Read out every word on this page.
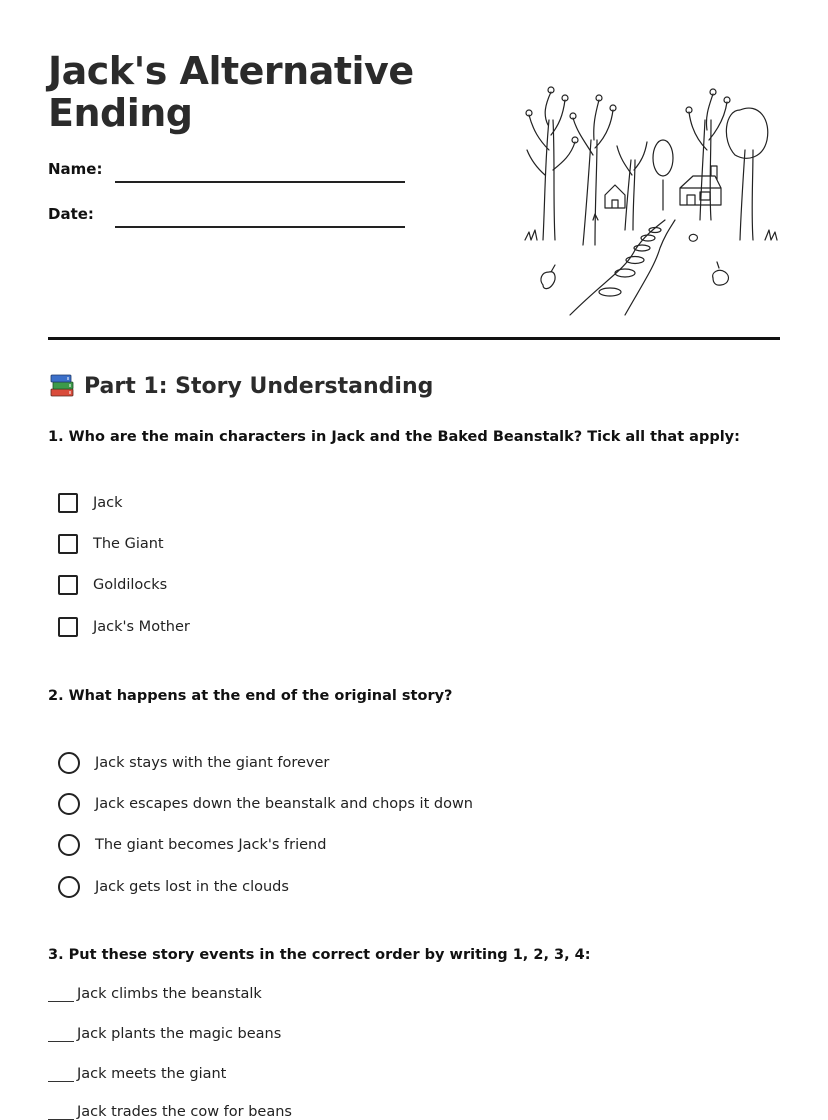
Jack's Alternative Ending
Name:
Date:
Part 1: Story Understanding

1. Who are the main characters in Jack and the Baked Beanstalk? Tick all that apply:

Jack
The Giant
Goldilocks
Jack's Mother

2. What happens at the end of the original story?

Jack stays with the giant forever
Jack escapes down the beanstalk and chops it down
The giant becomes Jack's friend
Jack gets lost in the clouds

3. Put these story events in the correct order by writing 1, 2, 3, 4:

Jack climbs the beanstalk
Jack plants the magic beans
Jack meets the giant
Jack trades the cow for beans
